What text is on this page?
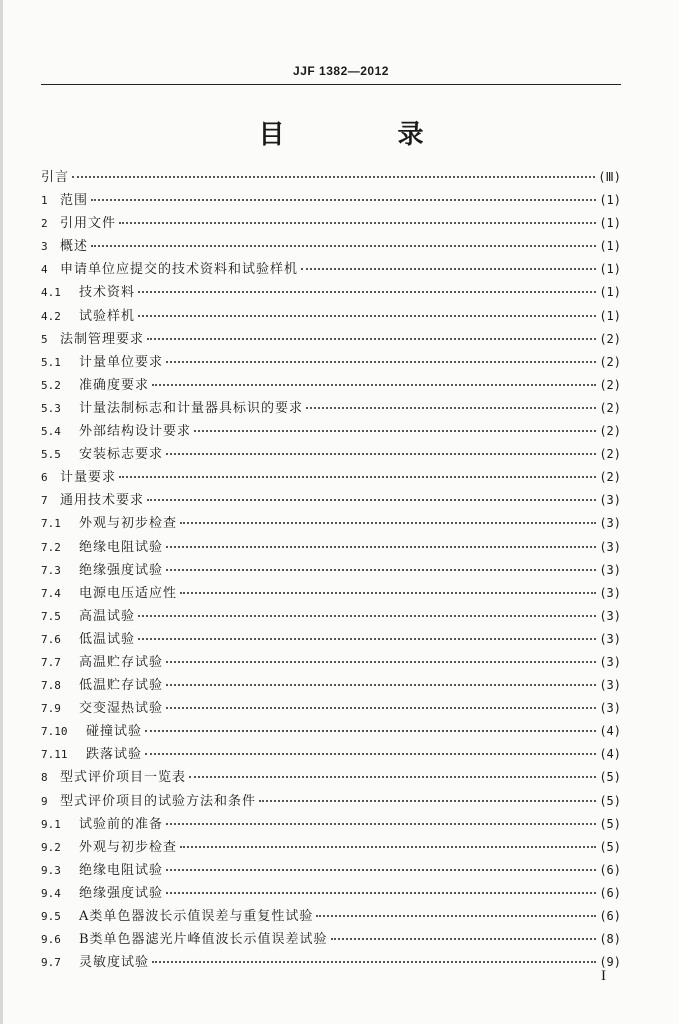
JJF 1382—2012
目 录
引言	(Ⅲ)
1 范围	(1)
2 引用文件	(1)
3 概述	(1)
4 申请单位应提交的技术资料和试验样机	(1)
4.1	技术资料	(1)
4.2	试验样机	(1)
5 法制管理要求	(2)
5.1	计量单位要求	(2)
5.2	准确度要求	(2)
5.3	计量法制标志和计量器具标识的要求	(2)
5.4	外部结构设计要求	(2)
5.5	安装标志要求	(2)
6 计量要求	(2)
7 通用技术要求	(3)
7.1	外观与初步检查	(3)
7.2	绝缘电阻试验	(3)
7.3	绝缘强度试验	(3)
7.4	电源电压适应性	(3)
7.5	高温试验	(3)
7.6	低温试验	(3)
7.7	高温贮存试验	(3)
7.8	低温贮存试验	(3)
7.9	交变湿热试验	(3)
7.10	碰撞试验	(4)
7.11	跌落试验	(4)
8 型式评价项目一览表	(5)
9 型式评价项目的试验方法和条件	(5)
9.1	试验前的准备	(5)
9.2	外观与初步检查	(5)
9.3	绝缘电阻试验	(6)
9.4	绝缘强度试验	(6)
9.5	A类单色器波长示值误差与重复性试验	(6)
9.6	B类单色器滤光片峰值波长示值误差试验	(8)
9.7	灵敏度试验	(9)
I
